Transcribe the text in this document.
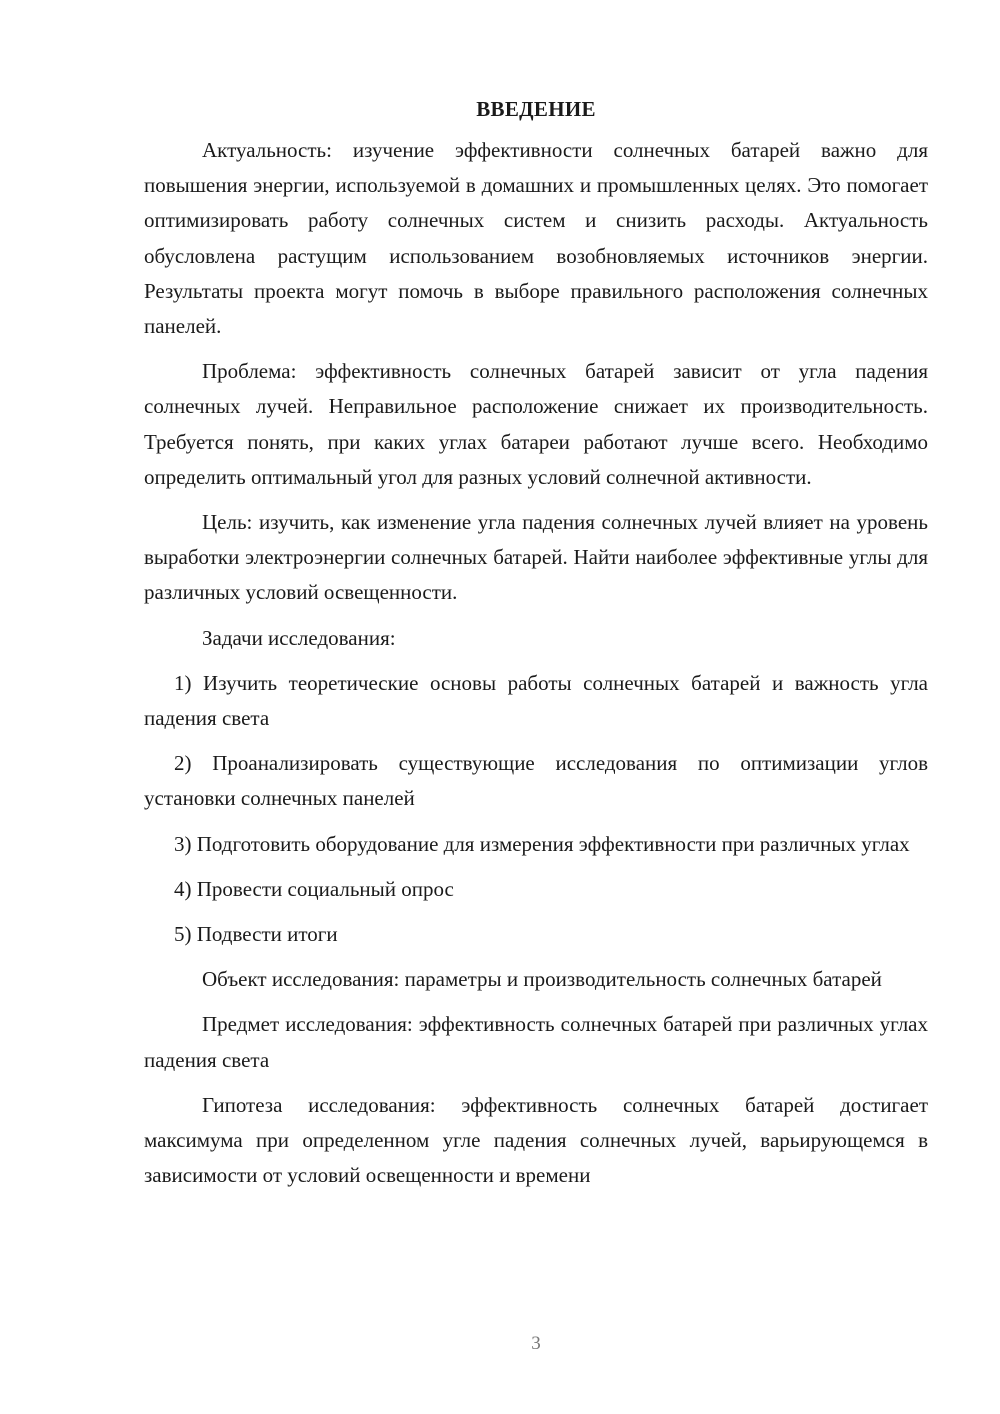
ВВЕДЕНИЕ

Актуальность: изучение эффективности солнечных батарей важно для повышения энергии, используемой в домашних и промышленных целях. Это помогает оптимизировать работу солнечных систем и снизить расходы. Актуальность обусловлена растущим использованием возобновляемых источников энергии. Результаты проекта могут помочь в выборе правильного расположения солнечных панелей.

Проблема: эффективность солнечных батарей зависит от угла падения солнечных лучей. Неправильное расположение снижает их производительность. Требуется понять, при каких углах батареи работают лучше всего. Необходимо определить оптимальный угол для разных условий солнечной активности.

Цель: изучить, как изменение угла падения солнечных лучей влияет на уровень выработки электроэнергии солнечных батарей. Найти наиболее эффективные углы для различных условий освещенности.

Задачи исследования:

1) Изучить теоретические основы работы солнечных батарей и важность угла падения света

2) Проанализировать существующие исследования по оптимизации углов установки солнечных панелей

3) Подготовить оборудование для измерения эффективности при различных углах

4) Провести социальный опрос

5) Подвести итоги

Объект исследования: параметры и производительность солнечных батарей

Предмет исследования: эффективность солнечных батарей при различных углах падения света

Гипотеза исследования: эффективность солнечных батарей достигает максимума при определенном угле падения солнечных лучей, варьирующемся в зависимости от условий освещенности и времени

3
